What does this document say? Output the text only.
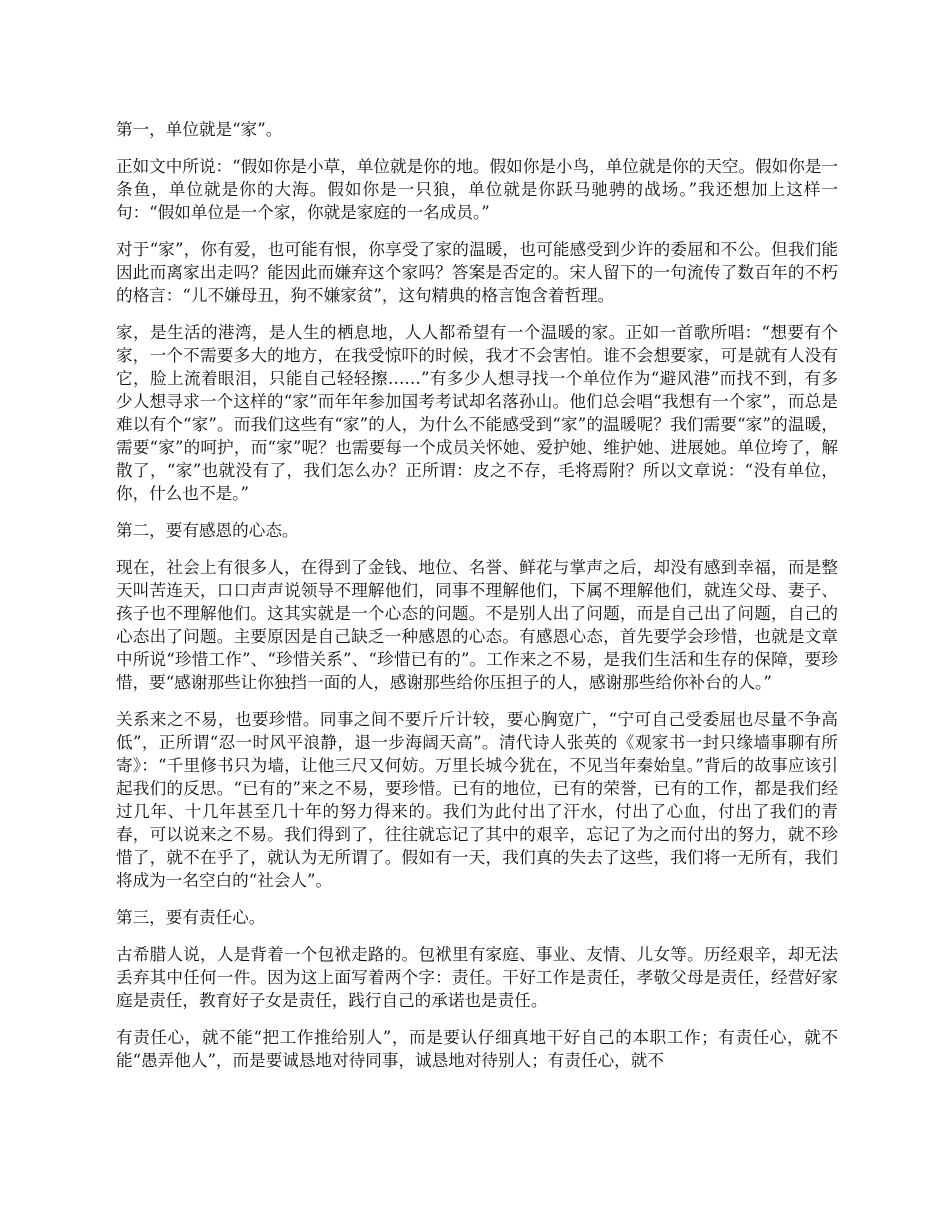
第一，单位就是“家”。

正如文中所说：“假如你是小草，单位就是你的地。假如你是小鸟，单位就是你的天空。假如你是一条鱼，单位就是你的大海。假如你是一只狼，单位就是你跃马驰骋的战场。”我还想加上这样一句：“假如单位是一个家，你就是家庭的一名成员。”

对于“家”，你有爱，也可能有恨，你享受了家的温暖，也可能感受到少许的委屈和不公。但我们能因此而离家出走吗？能因此而嫌弃这个家吗？答案是否定的。宋人留下的一句流传了数百年的不朽的格言：“儿不嫌母丑，狗不嫌家贫”，这句精典的格言饱含着哲理。

家，是生活的港湾，是人生的栖息地，人人都希望有一个温暖的家。正如一首歌所唱：“想要有个家，一个不需要多大的地方，在我受惊吓的时候，我才不会害怕。谁不会想要家，可是就有人没有它，脸上流着眼泪，只能自己轻轻擦……”有多少人想寻找一个单位作为“避风港”而找不到，有多少人想寻求一个这样的“家”而年年参加国考考试却名落孙山。他们总会唱“我想有一个家”，而总是难以有个“家”。而我们这些有“家”的人，为什么不能感受到“家”的温暖呢？我们需要“家”的温暖，需要“家”的呵护，而“家”呢？也需要每一个成员关怀她、爱护她、维护她、进展她。单位垮了，解散了，“家”也就没有了，我们怎么办？正所谓：皮之不存，毛将焉附？所以文章说：“没有单位，你，什么也不是。”

第二，要有感恩的心态。

现在，社会上有很多人，在得到了金钱、地位、名誉、鲜花与掌声之后，却没有感到幸福，而是整天叫苦连天，口口声声说领导不理解他们，同事不理解他们，下属不理解他们，就连父母、妻子、孩子也不理解他们。这其实就是一个心态的问题。不是别人出了问题，而是自己出了问题，自己的心态出了问题。主要原因是自己缺乏一种感恩的心态。有感恩心态，首先要学会珍惜，也就是文章中所说“珍惜工作”、“珍惜关系”、“珍惜已有的”。工作来之不易，是我们生活和生存的保障，要珍惜，要“感谢那些让你独挡一面的人，感谢那些给你压担子的人，感谢那些给你补台的人。”

关系来之不易，也要珍惜。同事之间不要斤斤计较，要心胸宽广，“宁可自己受委屈也尽量不争高低”，正所谓“忍一时风平浪静，退一步海阔天高”。清代诗人张英的《观家书一封只缘墙事聊有所寄》：“千里修书只为墙，让他三尺又何妨。万里长城今犹在，不见当年秦始皇。”背后的故事应该引起我们的反思。“已有的”来之不易，要珍惜。已有的地位，已有的荣誉，已有的工作，都是我们经过几年、十几年甚至几十年的努力得来的。我们为此付出了汗水，付出了心血，付出了我们的青春，可以说来之不易。我们得到了，往往就忘记了其中的艰辛，忘记了为之而付出的努力，就不珍惜了，就不在乎了，就认为无所谓了。假如有一天，我们真的失去了这些，我们将一无所有，我们将成为一名空白的“社会人”。

第三，要有责任心。

古希腊人说，人是背着一个包袱走路的。包袱里有家庭、事业、友情、儿女等。历经艰辛，却无法丢弃其中任何一件。因为这上面写着两个字：责任。干好工作是责任，孝敬父母是责任，经营好家庭是责任，教育好子女是责任，践行自己的承诺也是责任。

有责任心，就不能“把工作推给别人”，而是要认仔细真地干好自己的本职工作；有责任心，就不能“愚弄他人”，而是要诚恳地对待同事，诚恳地对待别人；有责任心，就不
